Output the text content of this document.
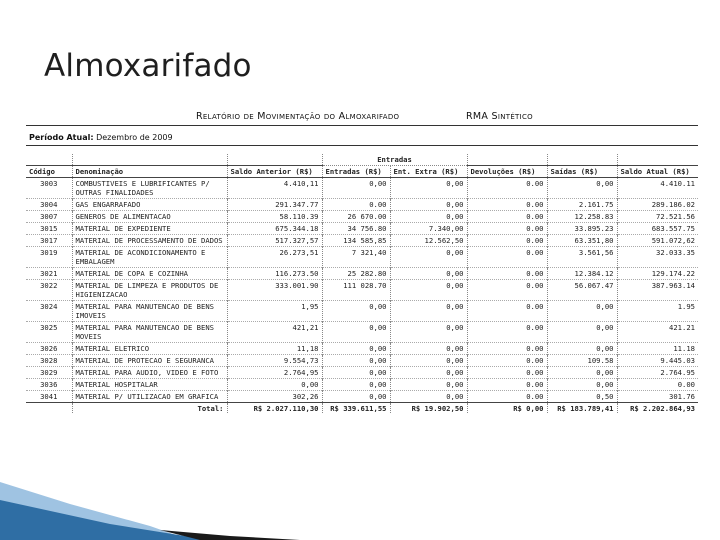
Almoxarifado
Relatório de Movimentação do Almoxarifado	RMA Sintético
Período Atual: Dezembro de 2009
			Entradas				
Código	Denominação	Saldo Anterior (R$)	Entradas (R$)	Ent. Extra (R$)	Devoluções (R$)	Saídas (R$)	Saldo Atual (R$)
3003	COMBUSTIVEIS E LUBRIFICANTES P/ OUTRAS FINALIDADES	4.410,11	0,00	0,00	0.00	0,00	4.410.11
3004	GAS ENGARRAFADO	291.347.77	0.00	0,00	0.00	2.161.75	289.186.02
3007	GENEROS DE ALIMENTACAO	58.110.39	26 670.00	0,00	0.00	12.258.83	72.521.56
3015	MATERIAL DE EXPEDIENTE	675.344.18	34 756.80	7.340,00	0.00	33.895.23	683.557.75
3017	MATERIAL DE PROCESSAMENTO DE DADOS	517.327,57	134 585,85	12.562,50	0.00	63.351,80	591.072,62
3019	MATERIAL DE ACONDICIONAMENTO E EMBALAGEM	26.273,51	7 321,40	0,00	0.00	3.561,56	32.033.35
3021	MATERIAL DE COPA E COZINHA	116.273.50	25 282.80	0,00	0.00	12.384.12	129.174.22
3022	MATERIAL DE LIMPEZA E PRODUTOS DE HIGIENIZACAO	333.001.90	111 028.70	0,00	0.00	56.067.47	387.963.14
3024	MATERIAL PARA MANUTENCAO DE BENS IMOVEIS	1,95	0,00	0,00	0.00	0,00	1.95
3025	MATERIAL PARA MANUTENCAO DE BENS MOVEIS	421,21	0,00	0,00	0.00	0,00	421.21
3026	MATERIAL ELETRICO	11,18	0,00	0,00	0.00	0,00	11.18
3028	MATERIAL DE PROTECAO E SEGURANCA	9.554,73	0,00	0,00	0.00	109.58	9.445.03
3029	MATERIAL PARA AUDIO, VIDEO E FOTO	2.764,95	0,00	0,00	0.00	0,00	2.764.95
3036	MATERIAL HOSPITALAR	0,00	0,00	0,00	0.00	0,00	0.00
3041	MATERIAL P/ UTILIZACAO EM GRAFICA	302,26	0,00	0,00	0.00	0,50	301.76
	Total:	R$ 2.027.110,30	R$ 339.611,55	R$ 19.902,50	R$ 0,00	R$ 183.789,41	R$ 2.202.864,93
